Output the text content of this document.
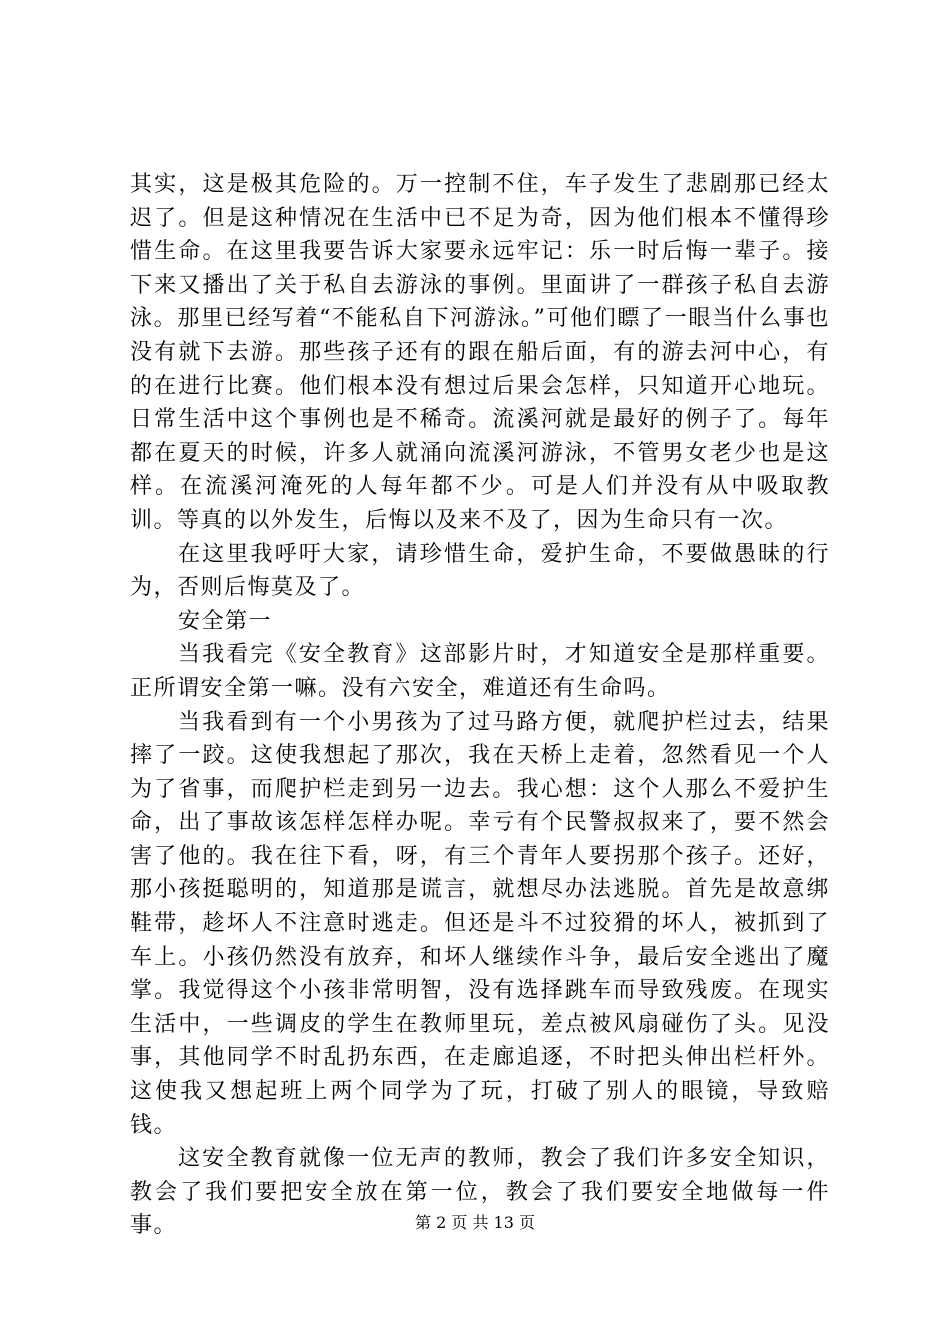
其实，这是极其危险的。万一控制不住，车子发生了悲剧那已经太迟了。但是这种情况在生活中已不足为奇，因为他们根本不懂得珍惜生命。在这里我要告诉大家要永远牢记：乐一时后悔一辈子。接下来又播出了关于私自去游泳的事例。里面讲了一群孩子私自去游泳。那里已经写着“不能私自下河游泳。”可他们瞟了一眼当什么事也没有就下去游。那些孩子还有的跟在船后面，有的游去河中心，有的在进行比赛。他们根本没有想过后果会怎样，只知道开心地玩。日常生活中这个事例也是不稀奇。流溪河就是最好的例子了。每年都在夏天的时候，许多人就涌向流溪河游泳，不管男女老少也是这样。在流溪河淹死的人每年都不少。可是人们并没有从中吸取教训。等真的以外发生，后悔以及来不及了，因为生命只有一次。

在这里我呼吁大家，请珍惜生命，爱护生命，不要做愚昧的行为，否则后悔莫及了。

安全第一

当我看完《安全教育》这部影片时，才知道安全是那样重要。正所谓安全第一嘛。没有六安全，难道还有生命吗。

当我看到有一个小男孩为了过马路方便，就爬护栏过去，结果摔了一跤。这使我想起了那次，我在天桥上走着，忽然看见一个人为了省事，而爬护栏走到另一边去。我心想：这个人那么不爱护生命，出了事故该怎样怎样办呢。幸亏有个民警叔叔来了，要不然会害了他的。我在往下看，呀，有三个青年人要拐那个孩子。还好，那小孩挺聪明的，知道那是谎言，就想尽办法逃脱。首先是故意绑鞋带，趁坏人不注意时逃走。但还是斗不过狡猾的坏人，被抓到了车上。小孩仍然没有放弃，和坏人继续作斗争，最后安全逃出了魔掌。我觉得这个小孩非常明智，没有选择跳车而导致残废。在现实生活中，一些调皮的学生在教师里玩，差点被风扇碰伤了头。见没事，其他同学不时乱扔东西，在走廊追逐，不时把头伸出栏杆外。这使我又想起班上两个同学为了玩，打破了别人的眼镜，导致赔钱。

这安全教育就像一位无声的教师，教会了我们许多安全知识，教会了我们要把安全放在第一位，教会了我们要安全地做每一件事。	第 2 页 共 13 页
